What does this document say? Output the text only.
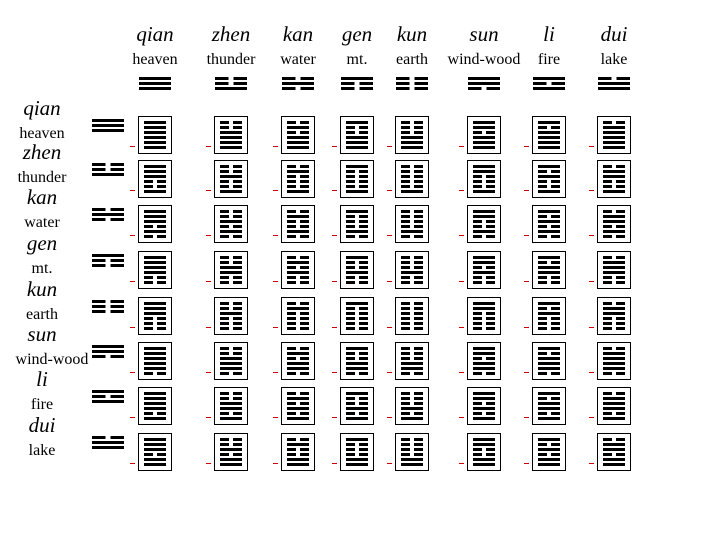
qian
heaven
zhen
thunder
kan
water
gen
mt.
kun
earth
sun
wind-wood
li
fire
dui
lake
qian
heaven
zhen
thunder
kan
water
gen
mt.
kun
earth
sun
wind-wood
li
fire
dui
lake
